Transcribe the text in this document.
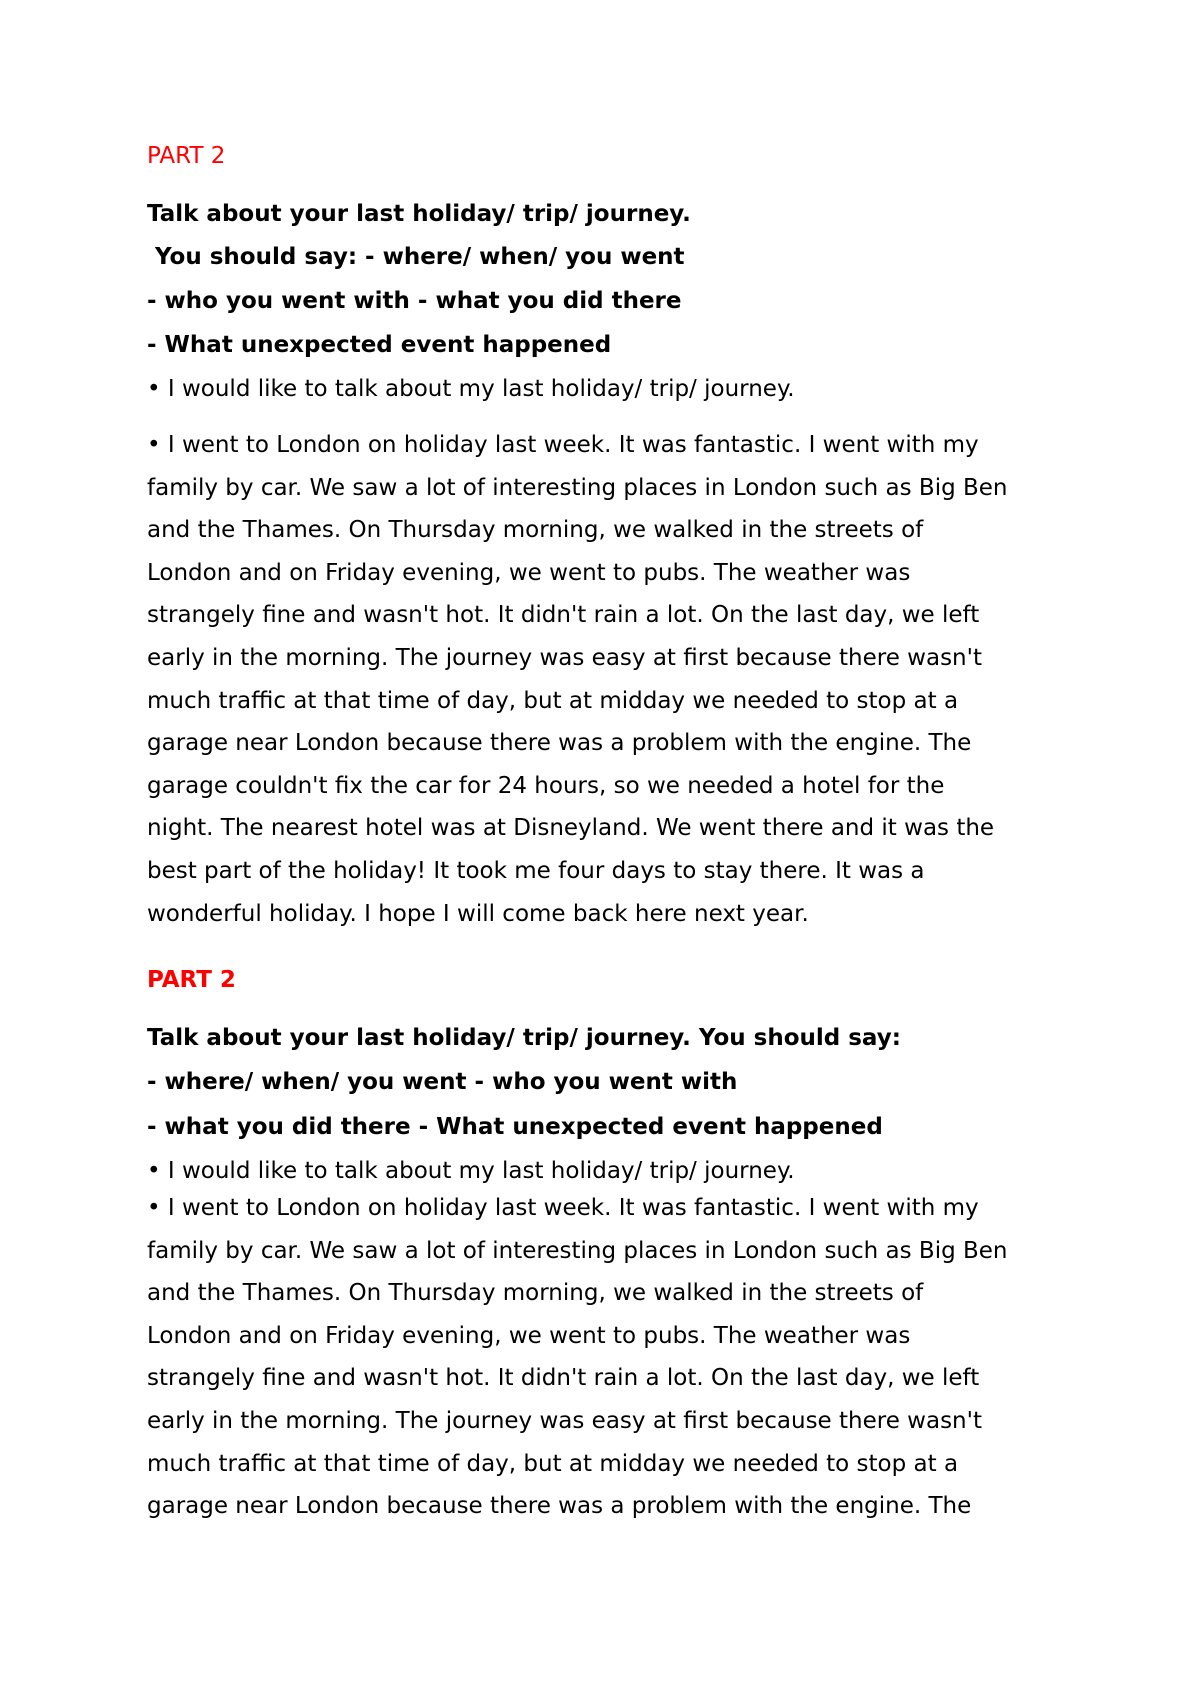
PART 2

Talk about your last holiday/ trip/ journey.

You should say: - where/ when/ you went

- who you went with - what you did there

- What unexpected event happened

• I would like to talk about my last holiday/ trip/ journey.

• I went to London on holiday last week. It was fantastic. I went with my

family by car. We saw a lot of interesting places in London such as Big Ben

and the Thames. On Thursday morning, we walked in the streets of

London and on Friday evening, we went to pubs. The weather was

strangely fine and wasn't hot. It didn't rain a lot. On the last day, we left

early in the morning. The journey was easy at first because there wasn't

much traffic at that time of day, but at midday we needed to stop at a

garage near London because there was a problem with the engine. The

garage couldn't fix the car for 24 hours, so we needed a hotel for the

night. The nearest hotel was at Disneyland. We went there and it was the

best part of the holiday! It took me four days to stay there. It was a

wonderful holiday. I hope I will come back here next year.

PART 2

Talk about your last holiday/ trip/ journey. You should say:

- where/ when/ you went - who you went with

- what you did there - What unexpected event happened

• I would like to talk about my last holiday/ trip/ journey.

• I went to London on holiday last week. It was fantastic. I went with my

family by car. We saw a lot of interesting places in London such as Big Ben

and the Thames. On Thursday morning, we walked in the streets of

London and on Friday evening, we went to pubs. The weather was

strangely fine and wasn't hot. It didn't rain a lot. On the last day, we left

early in the morning. The journey was easy at first because there wasn't

much traffic at that time of day, but at midday we needed to stop at a

garage near London because there was a problem with the engine. The
